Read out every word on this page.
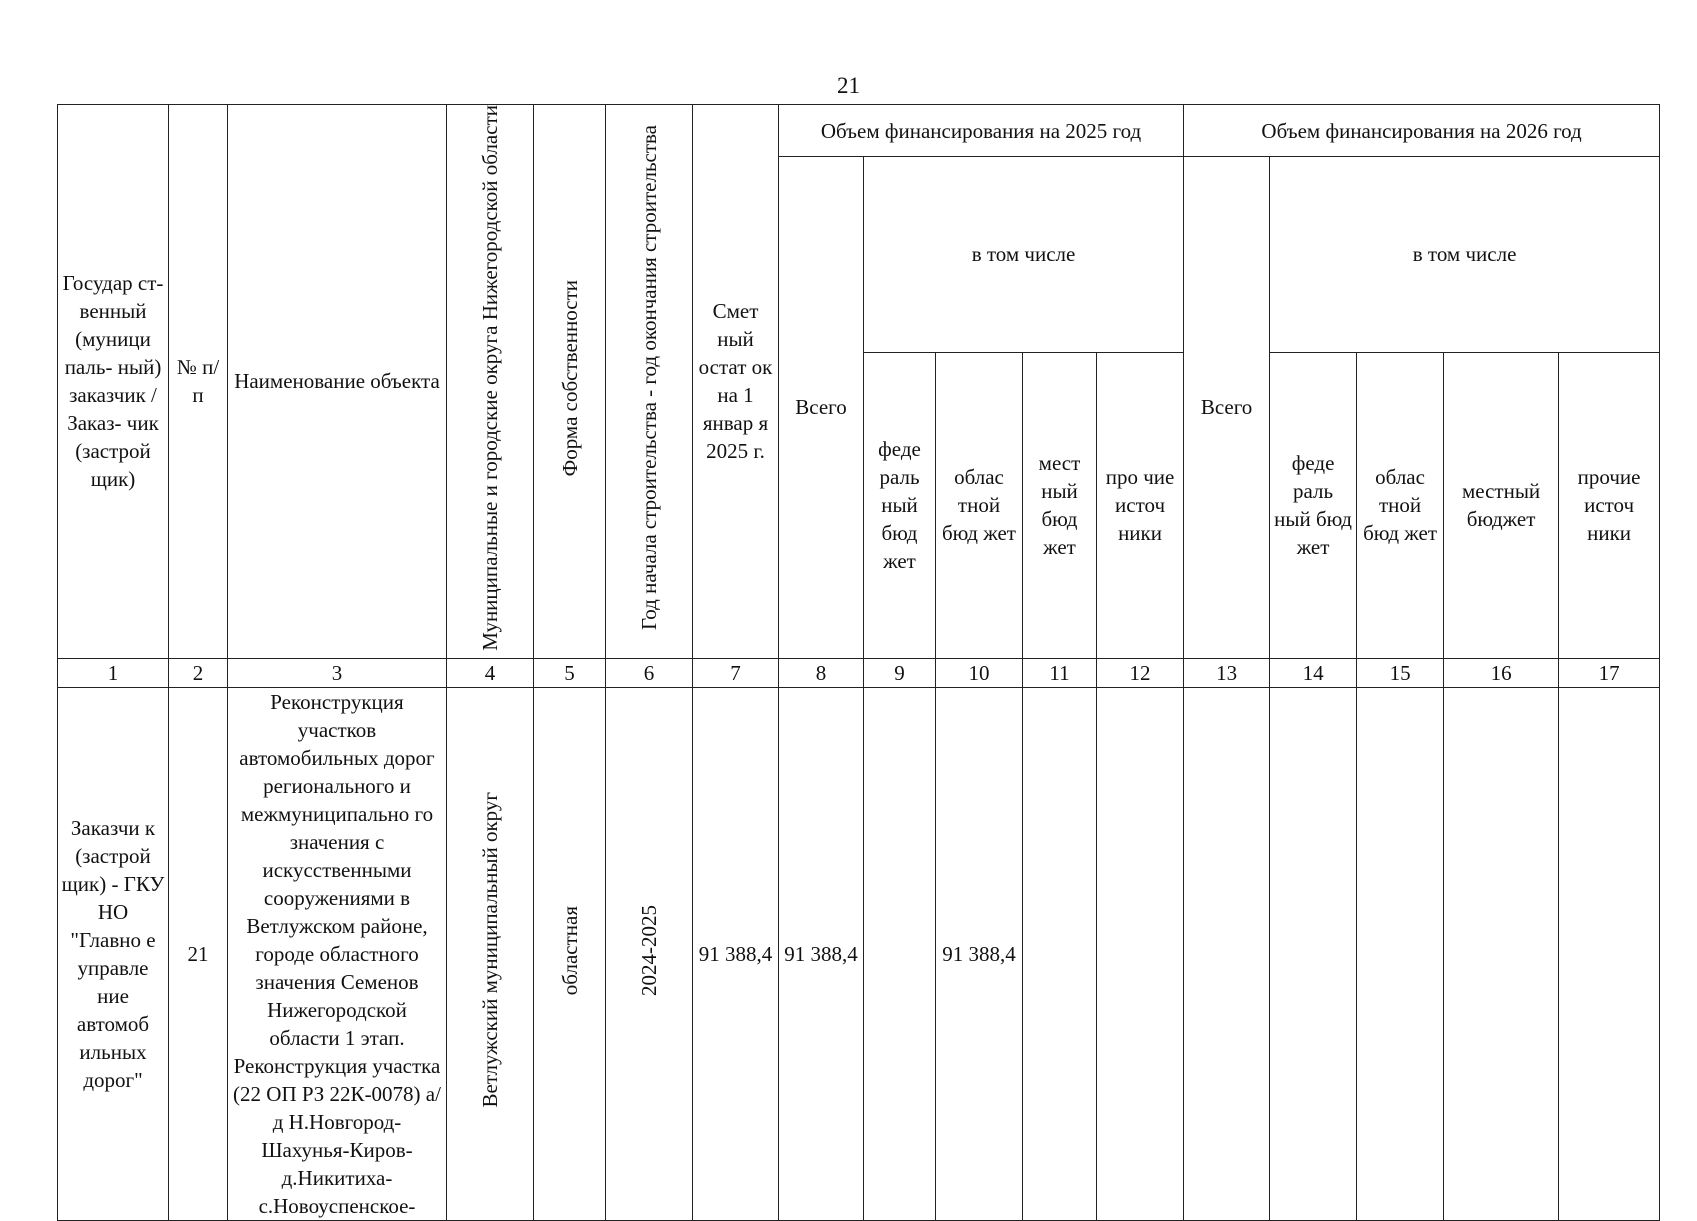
21
Государ ст- венный (муници паль- ный) заказчик / Заказ- чик (застрой щик)	№ п/п	Наименование объекта	Муниципальные и городские округа Нижегородской области	Форма собственности	Год начала строительства - год окончания строительства	Смет ный остат ок на 1 январ я 2025 г.	Объем финансирования на 2025 год					Объем финансирования на 2026 год				
							Всего	в том числе				Всего	в том числе			
								феде раль ный бюд жет	облас тной бюд жет	мест ный бюд жет	про чие источ ники		феде раль ный бюд жет	облас тной бюд жет	местный бюджет	прочие источ ники
1	2	3	4	5	6	7	8	9	10	11	12	13	14	15	16	17
Заказчи к (застрой щик) - ГКУ НО "Главно е управле ние автомоб ильных дорог"	21	Реконструкция участков автомобильных дорог регионального и межмуниципально го значения с искусственными сооружениями в Ветлужском районе, городе областного значения Семенов Нижегородской области 1 этап. Реконструкция участка (22 ОП РЗ 22К-0078) а/д Н.Новгород- Шахунья-Киров- д.Никитиха- с.Новоуспенское-	Ветлужский муниципальный округ	областная	2024-2025	91 388,4	91 388,4		91 388,4							
